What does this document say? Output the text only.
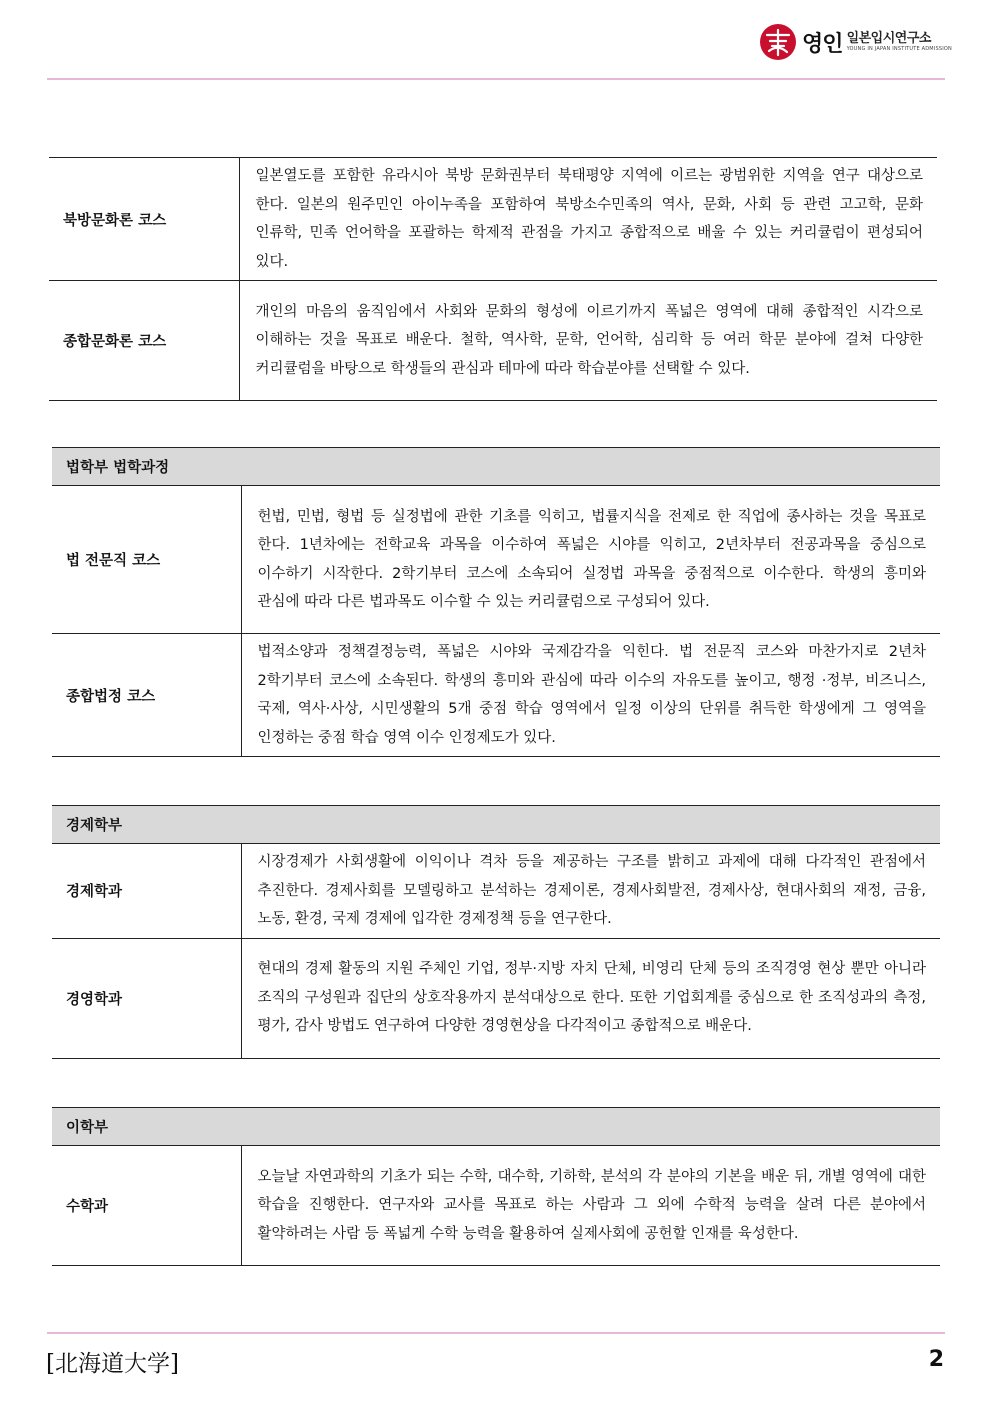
영인 일본입시연구소
YOUNG IN JAPAN INSTITUTE ADMISSION
북방문화론 코스	일본열도를 포함한 유라시아 북방 문화권부터 북태평양 지역에 이르는 광범위한 지역을 연구 대상으로 한다. 일본의 원주민인 아이누족을 포함하여 북방소수민족의 역사, 문화, 사회 등 관련 고고학, 문화 인류학, 민족 언어학을 포괄하는 학제적 관점을 가지고 종합적으로 배울 수 있는 커리큘럼이 편성되어 있다.
종합문화론 코스	개인의 마음의 움직임에서 사회와 문화의 형성에 이르기까지 폭넓은 영역에 대해 종합적인 시각으로 이해하는 것을 목표로 배운다. 철학, 역사학, 문학, 언어학, 심리학 등 여러 학문 분야에 걸쳐 다양한 커리큘럼을 바탕으로 학생들의 관심과 테마에 따라 학습분야를 선택할 수 있다.
법학부 법학과정	
법 전문직 코스	헌법, 민법, 형법 등 실정법에 관한 기초를 익히고, 법률지식을 전제로 한 직업에 종사하는 것을 목표로 한다. 1년차에는 전학교육 과목을 이수하여 폭넓은 시야를 익히고, 2년차부터 전공과목을 중심으로 이수하기 시작한다. 2학기부터 코스에 소속되어 실정법 과목을 중점적으로 이수한다. 학생의 흥미와 관심에 따라 다른 법과목도 이수할 수 있는 커리큘럼으로 구성되어 있다.
종합법정 코스	법적소양과 정책결정능력, 폭넓은 시야와 국제감각을 익힌다. 법 전문직 코스와 마찬가지로 2년차 2학기부터 코스에 소속된다. 학생의 흥미와 관심에 따라 이수의 자유도를 높이고, 행정 ·정부, 비즈니스, 국제, 역사·사상, 시민생활의 5개 중점 학습 영역에서 일정 이상의 단위를 취득한 학생에게 그 영역을 인정하는 중점 학습 영역 이수 인정제도가 있다.
경제학부	
경제학과	시장경제가 사회생활에 이익이나 격차 등을 제공하는 구조를 밝히고 과제에 대해 다각적인 관점에서 추진한다. 경제사회를 모델링하고 분석하는 경제이론, 경제사회발전, 경제사상, 현대사회의 재정, 금융, 노동, 환경, 국제 경제에 입각한 경제정책 등을 연구한다.
경영학과	현대의 경제 활동의 지원 주체인 기업, 정부·지방 자치 단체, 비영리 단체 등의 조직경영 현상 뿐만 아니라 조직의 구성원과 집단의 상호작용까지 분석대상으로 한다. 또한 기업회계를 중심으로 한 조직성과의 측정, 평가, 감사 방법도 연구하여 다양한 경영현상을 다각적이고 종합적으로 배운다.
이학부
수학과	오늘날 자연과학의 기초가 되는 수학, 대수학, 기하학, 분석의 각 분야의 기본을 배운 뒤, 개별 영역에 대한 학습을 진행한다. 연구자와 교사를 목표로 하는 사람과 그 외에 수학적 능력을 살려 다른 분야에서 활약하려는 사람 등 폭넓게 수학 능력을 활용하여 실제사회에 공헌할 인재를 육성한다.
[北海道大学]	2
